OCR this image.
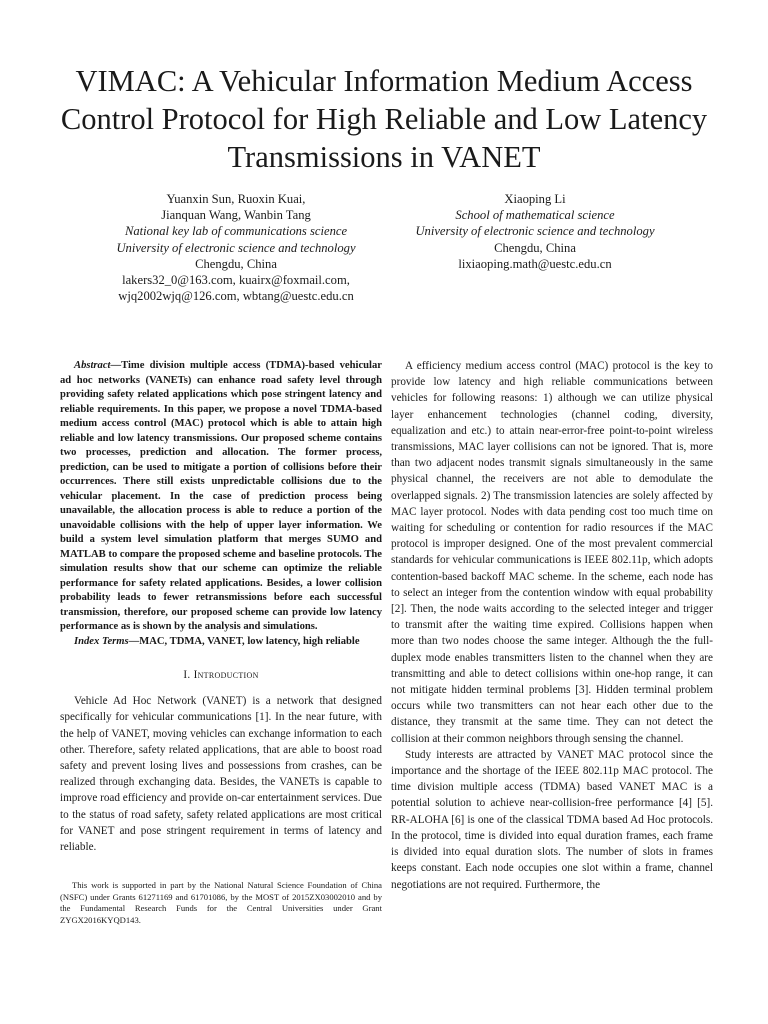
VIMAC: A Vehicular Information Medium Access Control Protocol for High Reliable and Low Latency Transmissions in VANET
Yuanxin Sun, Ruoxin Kuai,
Jianquan Wang, Wanbin Tang
National key lab of communications science
University of electronic science and technology
Chengdu, China
lakers32_0@163.com, kuairx@foxmail.com,
wjq2002wjq@126.com, wbtang@uestc.edu.cn
Xiaoping Li
School of mathematical science
University of electronic science and technology
Chengdu, China
lixiaoping.math@uestc.edu.cn

Abstract—Time division multiple access (TDMA)-based vehicular ad hoc networks (VANETs) can enhance road safety level through providing safety related applications which pose stringent latency and reliable requirements. In this paper, we propose a novel TDMA-based medium access control (MAC) protocol which is able to attain high reliable and low latency transmissions. Our proposed scheme contains two processes, prediction and allocation. The former process, prediction, can be used to mitigate a portion of collisions before their occurrences. There still exists unpredictable collisions due to the vehicular placement. In the case of prediction process being unavailable, the allocation process is able to reduce a portion of the unavoidable collisions with the help of upper layer information. We build a system level simulation platform that merges SUMO and MATLAB to compare the proposed scheme and baseline protocols. The simulation results show that our scheme can optimize the reliable performance for safety related applications. Besides, a lower collision probability leads to fewer retransmissions before each successful transmission, therefore, our proposed scheme can provide low latency performance as is shown by the analysis and simulations.

Index Terms—MAC, TDMA, VANET, low latency, high reliable

I. Introduction

Vehicle Ad Hoc Network (VANET) is a network that designed specifically for vehicular communications [1]. In the near future, with the help of VANET, moving vehicles can exchange information to each other. Therefore, safety related applications, that are able to boost road safety and prevent losing lives and possessions from crashes, can be realized through exchanging data. Besides, the VANETs is capable to improve road efficiency and provide on-car entertainment services. Due to the status of road safety, safety related applications are most critical for VANET and pose stringent requirement in terms of latency and reliable.

This work is supported in part by the National Natural Science Foundation of China (NSFC) under Grants 61271169 and 61701086, by the MOST of 2015ZX03002010 and by the Fundamental Research Funds for the Central Universities under Grant ZYGX2016KYQD143.

A efficiency medium access control (MAC) protocol is the key to provide low latency and high reliable communications between vehicles for following reasons: 1) although we can utilize physical layer enhancement technologies (channel coding, diversity, equalization and etc.) to attain near-error-free point-to-point wireless transmissions, MAC layer collisions can not be ignored. That is, more than two adjacent nodes transmit signals simultaneously in the same physical channel, the receivers are not able to demodulate the overlapped signals. 2) The transmission latencies are solely affected by MAC layer protocol. Nodes with data pending cost too much time on waiting for scheduling or contention for radio resources if the MAC protocol is improper designed. One of the most prevalent commercial standards for vehicular communications is IEEE 802.11p, which adopts contention-based backoff MAC scheme. In the scheme, each node has to select an integer from the contention window with equal probability [2]. Then, the node waits according to the selected integer and trigger to transmit after the waiting time expired. Collisions happen when more than two nodes choose the same integer. Although the the full-duplex mode enables transmitters listen to the channel when they are transmitting and able to detect collisions within one-hop range, it can not mitigate hidden terminal problems [3]. Hidden terminal problem occurs while two transmitters can not hear each other due to the distance, they transmit at the same time. They can not detect the collision at their common neighbors through sensing the channel.

Study interests are attracted by VANET MAC protocol since the importance and the shortage of the IEEE 802.11p MAC protocol. The time division multiple access (TDMA) based VANET MAC is a potential solution to achieve near-collision-free performance [4] [5]. RR-ALOHA [6] is one of the classical TDMA based Ad Hoc protocols. In the protocol, time is divided into equal duration frames, each frame is divided into equal duration slots. The number of slots in frames keeps constant. Each node occupies one slot within a frame, channel negotiations are not required. Furthermore, the
